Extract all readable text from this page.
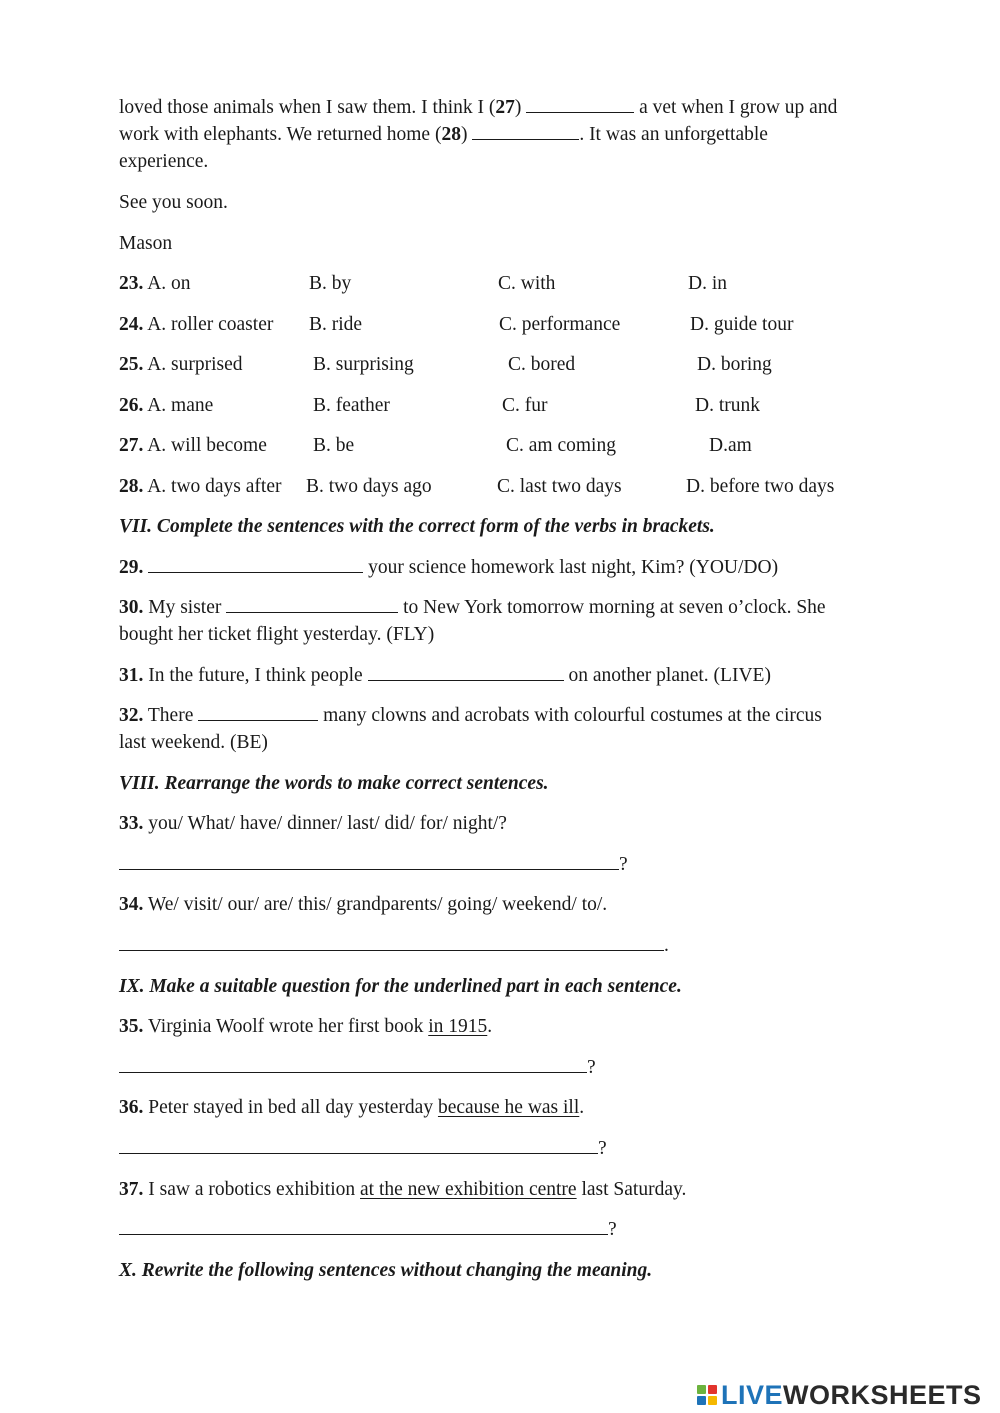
loved those animals when I saw them. I think I (27)	a vet when I grow up and
work with elephants. We returned home (28)	. It was an unforgettable
experience.
See you soon.
Mason
23. A. on	B. by	C. with	D. in
24. A. roller coaster B. ride	C. performance	D. guide tour
25. A. surprised	B. surprising	C. bored	D. boring
26. A. mane	B. feather	C. fur	D. trunk
27. A. will become B. be	C. am coming	D.am
28. A. two days after B. two days ago	C. last two days	D. before two days
VII. Complete the sentences with the correct form of the verbs in brackets.
29.	your science homework last night, Kim? (YOU/DO)
30. My sister	to New York tomorrow morning at seven o’clock. She
bought her ticket flight yesterday. (FLY)
31. In the future, I think people	on another planet. (LIVE)
32. There	many clowns and acrobats with colourful costumes at the circus
last weekend. (BE)
VIII. Rearrange the words to make correct sentences.
33. you/ What/ have/ dinner/ last/ did/ for/ night/?
?
34. We/ visit/ our/ are/ this/ grandparents/ going/ weekend/ to/.
.
IX. Make a suitable question for the underlined part in each sentence.
35. Virginia Woolf wrote her first book in 1915.
?
36. Peter stayed in bed all day yesterday because he was ill.
?
37. I saw a robotics exhibition at the new exhibition centre last Saturday.
?
X. Rewrite the following sentences without changing the meaning.
LIVEWORKSHEETS
